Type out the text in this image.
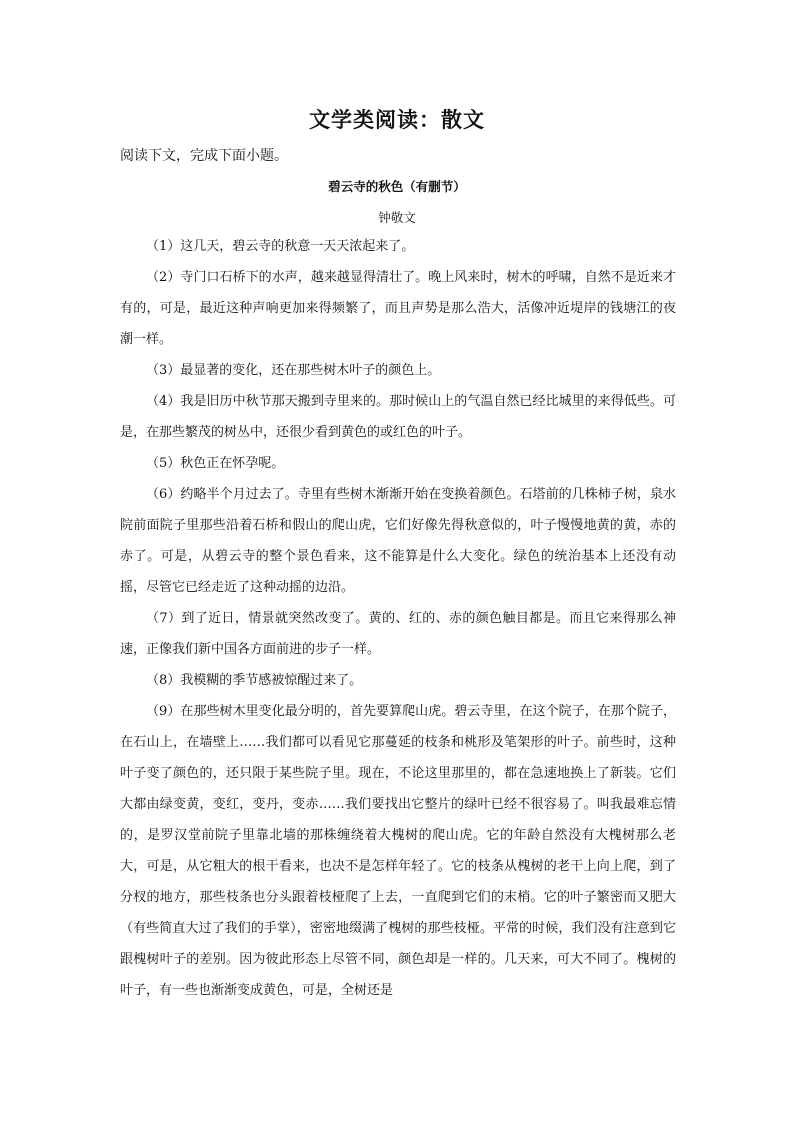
文学类阅读：散文
阅读下文，完成下面小题。
碧云寺的秋色（有删节）
钟敬文

（1）这几天，碧云寺的秋意一天天浓起来了。

（2）寺门口石桥下的水声，越来越显得清壮了。晚上风来时，树木的呼啸，自然不是近来才有的，可是，最近这种声响更加来得频繁了，而且声势是那么浩大，活像冲近堤岸的钱塘江的夜潮一样。

（3）最显著的变化，还在那些树木叶子的颜色上。

（4）我是旧历中秋节那天搬到寺里来的。那时候山上的气温自然已经比城里的来得低些。可是，在那些繁茂的树丛中，还很少看到黄色的或红色的叶子。

（5）秋色正在怀孕呢。

（6）约略半个月过去了。寺里有些树木渐渐开始在变换着颜色。石塔前的几株柿子树，泉水院前面院子里那些沿着石桥和假山的爬山虎，它们好像先得秋意似的，叶子慢慢地黄的黄，赤的赤了。可是，从碧云寺的整个景色看来，这不能算是什么大变化。绿色的统治基本上还没有动摇，尽管它已经走近了这种动摇的边沿。

（7）到了近日，情景就突然改变了。黄的、红的、赤的颜色触目都是。而且它来得那么神速，正像我们新中国各方面前进的步子一样。

（8）我模糊的季节感被惊醒过来了。

（9）在那些树木里变化最分明的，首先要算爬山虎。碧云寺里，在这个院子，在那个院子，在石山上，在墙壁上……我们都可以看见它那蔓延的枝条和桃形及笔架形的叶子。前些时，这种叶子变了颜色的，还只限于某些院子里。现在，不论这里那里的，都在急速地换上了新装。它们大都由绿变黄，变红，变丹，变赤……我们要找出它整片的绿叶已经不很容易了。叫我最难忘情的，是罗汉堂前院子里靠北墙的那株缠绕着大槐树的爬山虎。它的年龄自然没有大槐树那么老大，可是，从它粗大的根干看来，也决不是怎样年轻了。它的枝条从槐树的老干上向上爬，到了分杈的地方，那些枝条也分头跟着枝桠爬了上去，一直爬到它们的末梢。它的叶子繁密而又肥大（有些简直大过了我们的手掌），密密地缀满了槐树的那些枝桠。平常的时候，我们没有注意到它跟槐树叶子的差别。因为彼此形态上尽管不同，颜色却是一样的。几天来，可大不同了。槐树的叶子，有一些也渐渐变成黄色，可是，全树还是
